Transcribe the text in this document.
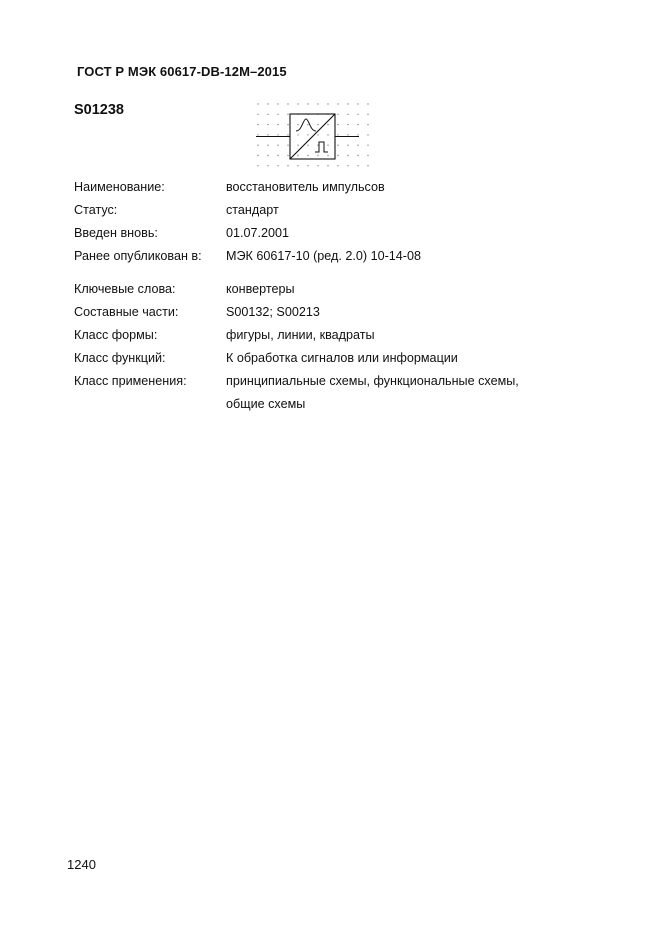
ГОСТ Р МЭК 60617-DB-12M–2015
S01238
Наименование:	восстановитель импульсов
Статус:	стандарт
Введен вновь:	01.07.2001
Ранее опубликован в: МЭК 60617-10 (ред. 2.0) 10-14-08
Ключевые слова:	конвертеры
Составные части:	S00132; S00213
Класс формы:	фигуры, линии, квадраты
Класс функций:	К обработка сигналов или информации
Класс применения:	принципиальные схемы, функциональные схемы,
общие схемы
1240
